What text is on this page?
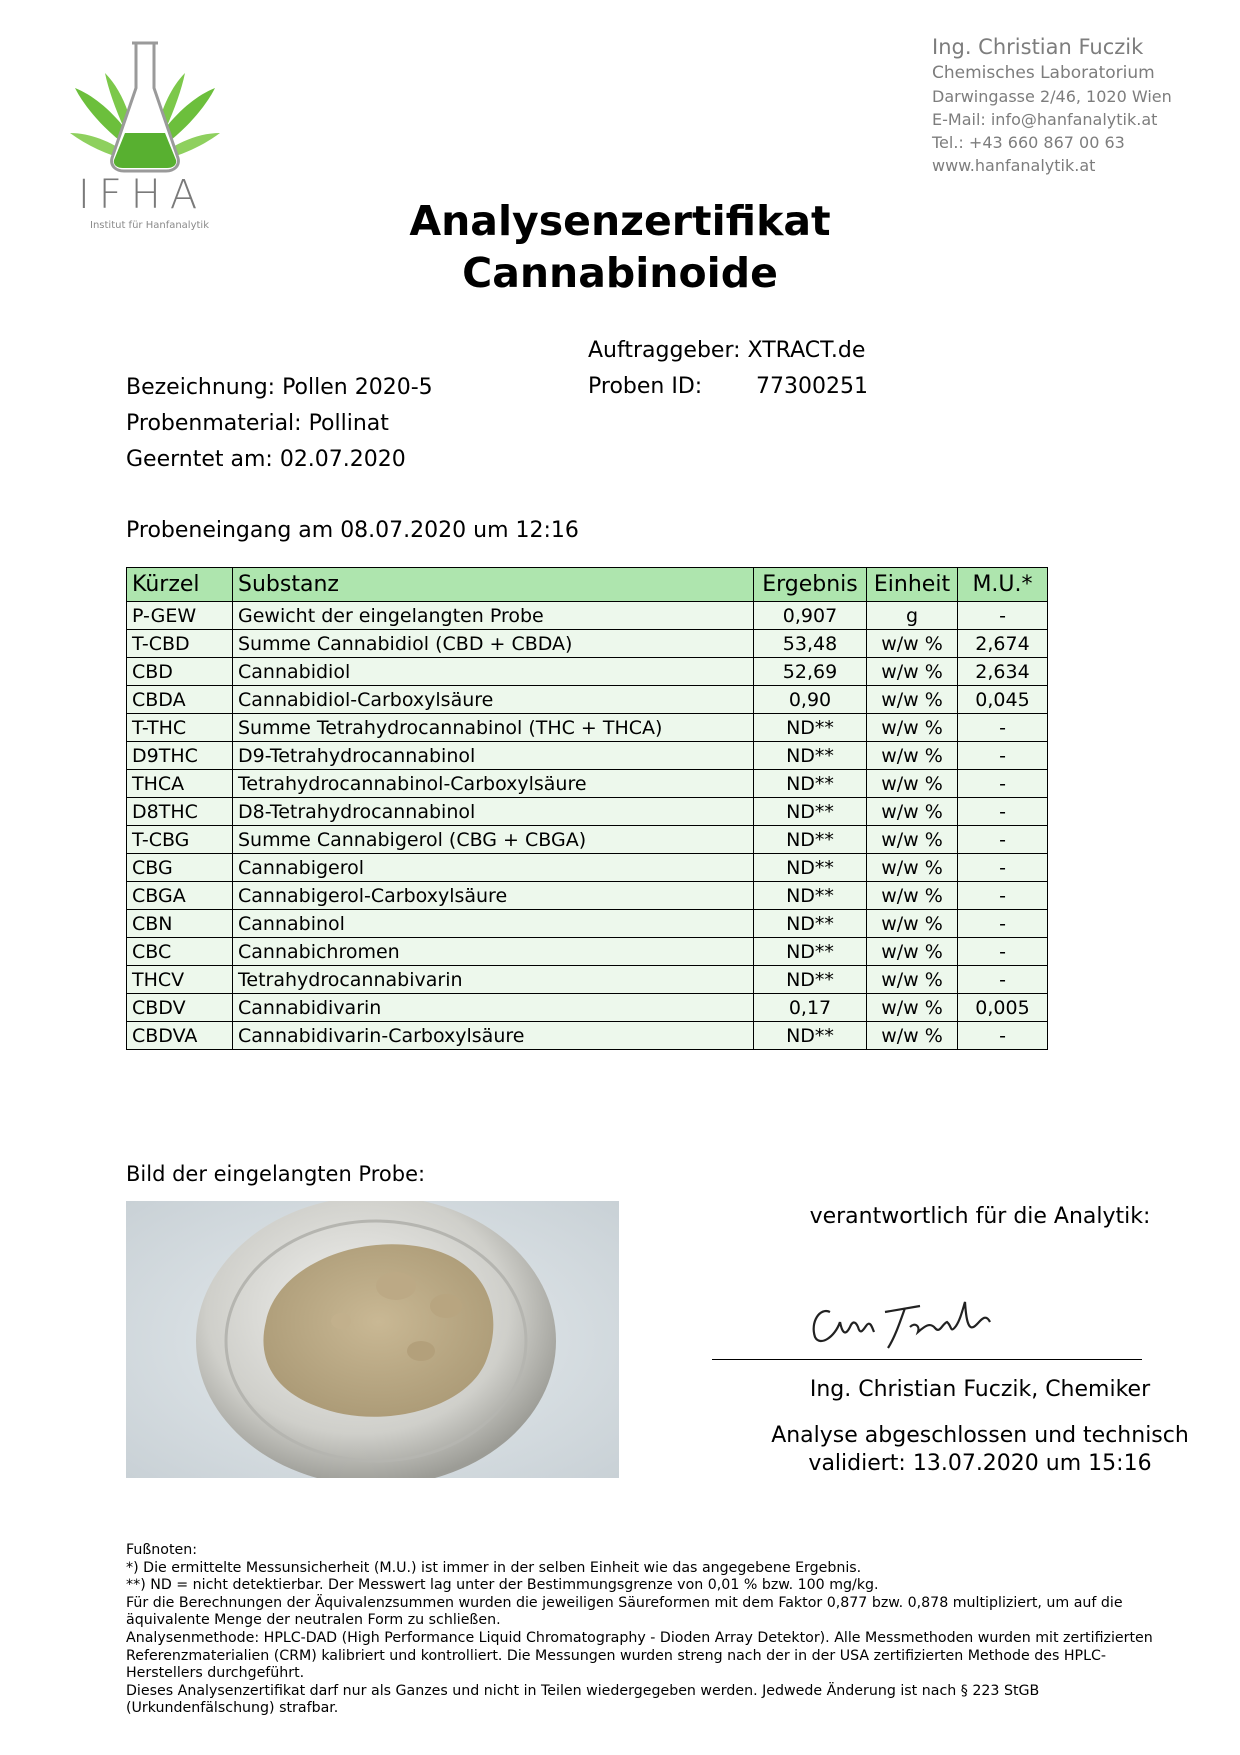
IFHA
Institut für Hanfanalytik
Ing. Christian Fuczik
Chemisches Laboratorium
Darwingasse 2/46, 1020 Wien
E-Mail: info@hanfanalytik.at
Tel.: +43 660 867 00 63
www.hanfanalytik.at
Analysenzertifikat
Cannabinoide
Auftraggeber:
XTRACT.de
Proben ID:	77300251
Bezeichnung: Pollen 2020-5
Probenmaterial: Pollinat
Geerntet am: 02.07.2020
Probeneingang am 08.07.2020 um 12:16
Kürzel	Substanz	Ergebnis	Einheit	M.U.*
P-GEW	Gewicht der eingelangten Probe	0,907	g	-
T-CBD	Summe Cannabidiol (CBD + CBDA)	53,48	w/w %	2,674
CBD	Cannabidiol	52,69	w/w %	2,634
CBDA	Cannabidiol-Carboxylsäure	0,90	w/w %	0,045
T-THC	Summe Tetrahydrocannabinol (THC + THCA)	ND**	w/w %	-
D9THC	D9-Tetrahydrocannabinol	ND**	w/w %	-
THCA	Tetrahydrocannabinol-Carboxylsäure	ND**	w/w %	-
D8THC	D8-Tetrahydrocannabinol	ND**	w/w %	-
T-CBG	Summe Cannabigerol (CBG + CBGA)	ND**	w/w %	-
CBG	Cannabigerol	ND**	w/w %	-
CBGA	Cannabigerol-Carboxylsäure	ND**	w/w %	-
CBN	Cannabinol	ND**	w/w %	-
CBC	Cannabichromen	ND**	w/w %	-
THCV	Tetrahydrocannabivarin	ND**	w/w %	-
CBDV	Cannabidivarin	0,17	w/w %	0,005
CBDVA	Cannabidivarin-Carboxylsäure	ND**	w/w %	-
Bild der eingelangten Probe:
verantwortlich für die Analytik:
Ing. Christian Fuczik, Chemiker
Analyse abgeschlossen und technisch
validiert: 13.07.2020 um 15:16

Fußnoten:

*) Die ermittelte Messunsicherheit (M.U.) ist immer in der selben Einheit wie das angegebene Ergebnis.

**) ND = nicht detektierbar. Der Messwert lag unter der Bestimmungsgrenze von 0,01 % bzw. 100 mg/kg.

Für die Berechnungen der Äquivalenzsummen wurden die jeweiligen Säureformen mit dem Faktor 0,877 bzw. 0,878 multipliziert, um auf die äquivalente Menge der neutralen Form zu schließen.

Analysenmethode: HPLC-DAD (High Performance Liquid Chromatography - Dioden Array Detektor). Alle Messmethoden wurden mit zertifizierten Referenzmaterialien (CRM) kalibriert und kontrolliert. Die Messungen wurden streng nach der in der USA zertifizierten Methode des HPLC-Herstellers durchgeführt.

Dieses Analysenzertifikat darf nur als Ganzes und nicht in Teilen wiedergegeben werden. Jedwede Änderung ist nach § 223 StGB (Urkundenfälschung) strafbar.
